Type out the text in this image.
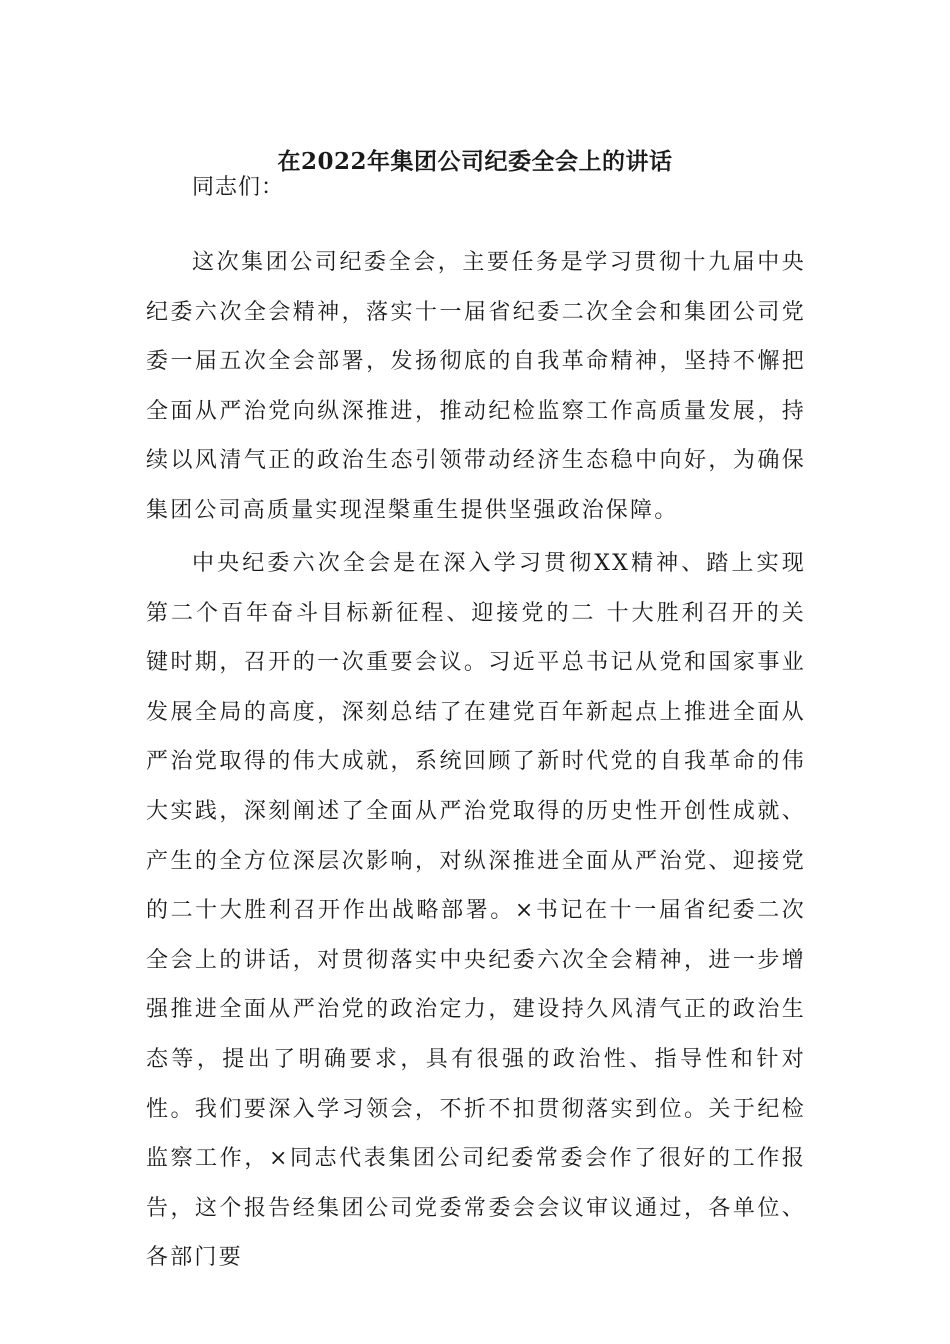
在2022年集团公司纪委全会上的讲话
同志们：

这次集团公司纪委全会，主要任务是学习贯彻十九届中央纪委六次全会精神，落实十一届省纪委二次全会和集团公司党委一届五次全会部署，发扬彻底的自我革命精神，坚持不懈把全面从严治党向纵深推进，推动纪检监察工作高质量发展，持续以风清气正的政治生态引领带动经济生态稳中向好，为确保集团公司高质量实现涅槃重生提供坚强政治保障。

中央纪委六次全会是在深入学习贯彻XX精神、踏上实现第二个百年奋斗目标新征程、迎接党的二 十大胜利召开的关键时期，召开的一次重要会议。习近平总书记从党和国家事业发展全局的高度，深刻总结了在建党百年新起点上推进全面从严治党取得的伟大成就，系统回顾了新时代党的自我革命的伟大实践，深刻阐述了全面从严治党取得的历史性开创性成就、产生的全方位深层次影响，对纵深推进全面从严治党、迎接党的二十大胜利召开作出战略部署。×书记在十一届省纪委二次全会上的讲话，对贯彻落实中央纪委六次全会精神，进一步增强推进全面从严治党的政治定力，建设持久风清气正的政治生态等，提出了明确要求，具有很强的政治性、指导性和针对性。我们要深入学习领会，不折不扣贯彻落实到位。关于纪检监察工作，×同志代表集团公司纪委常委会作了很好的工作报告，这个报告经集团公司党委常委会会议审议通过，各单位、各部门要
